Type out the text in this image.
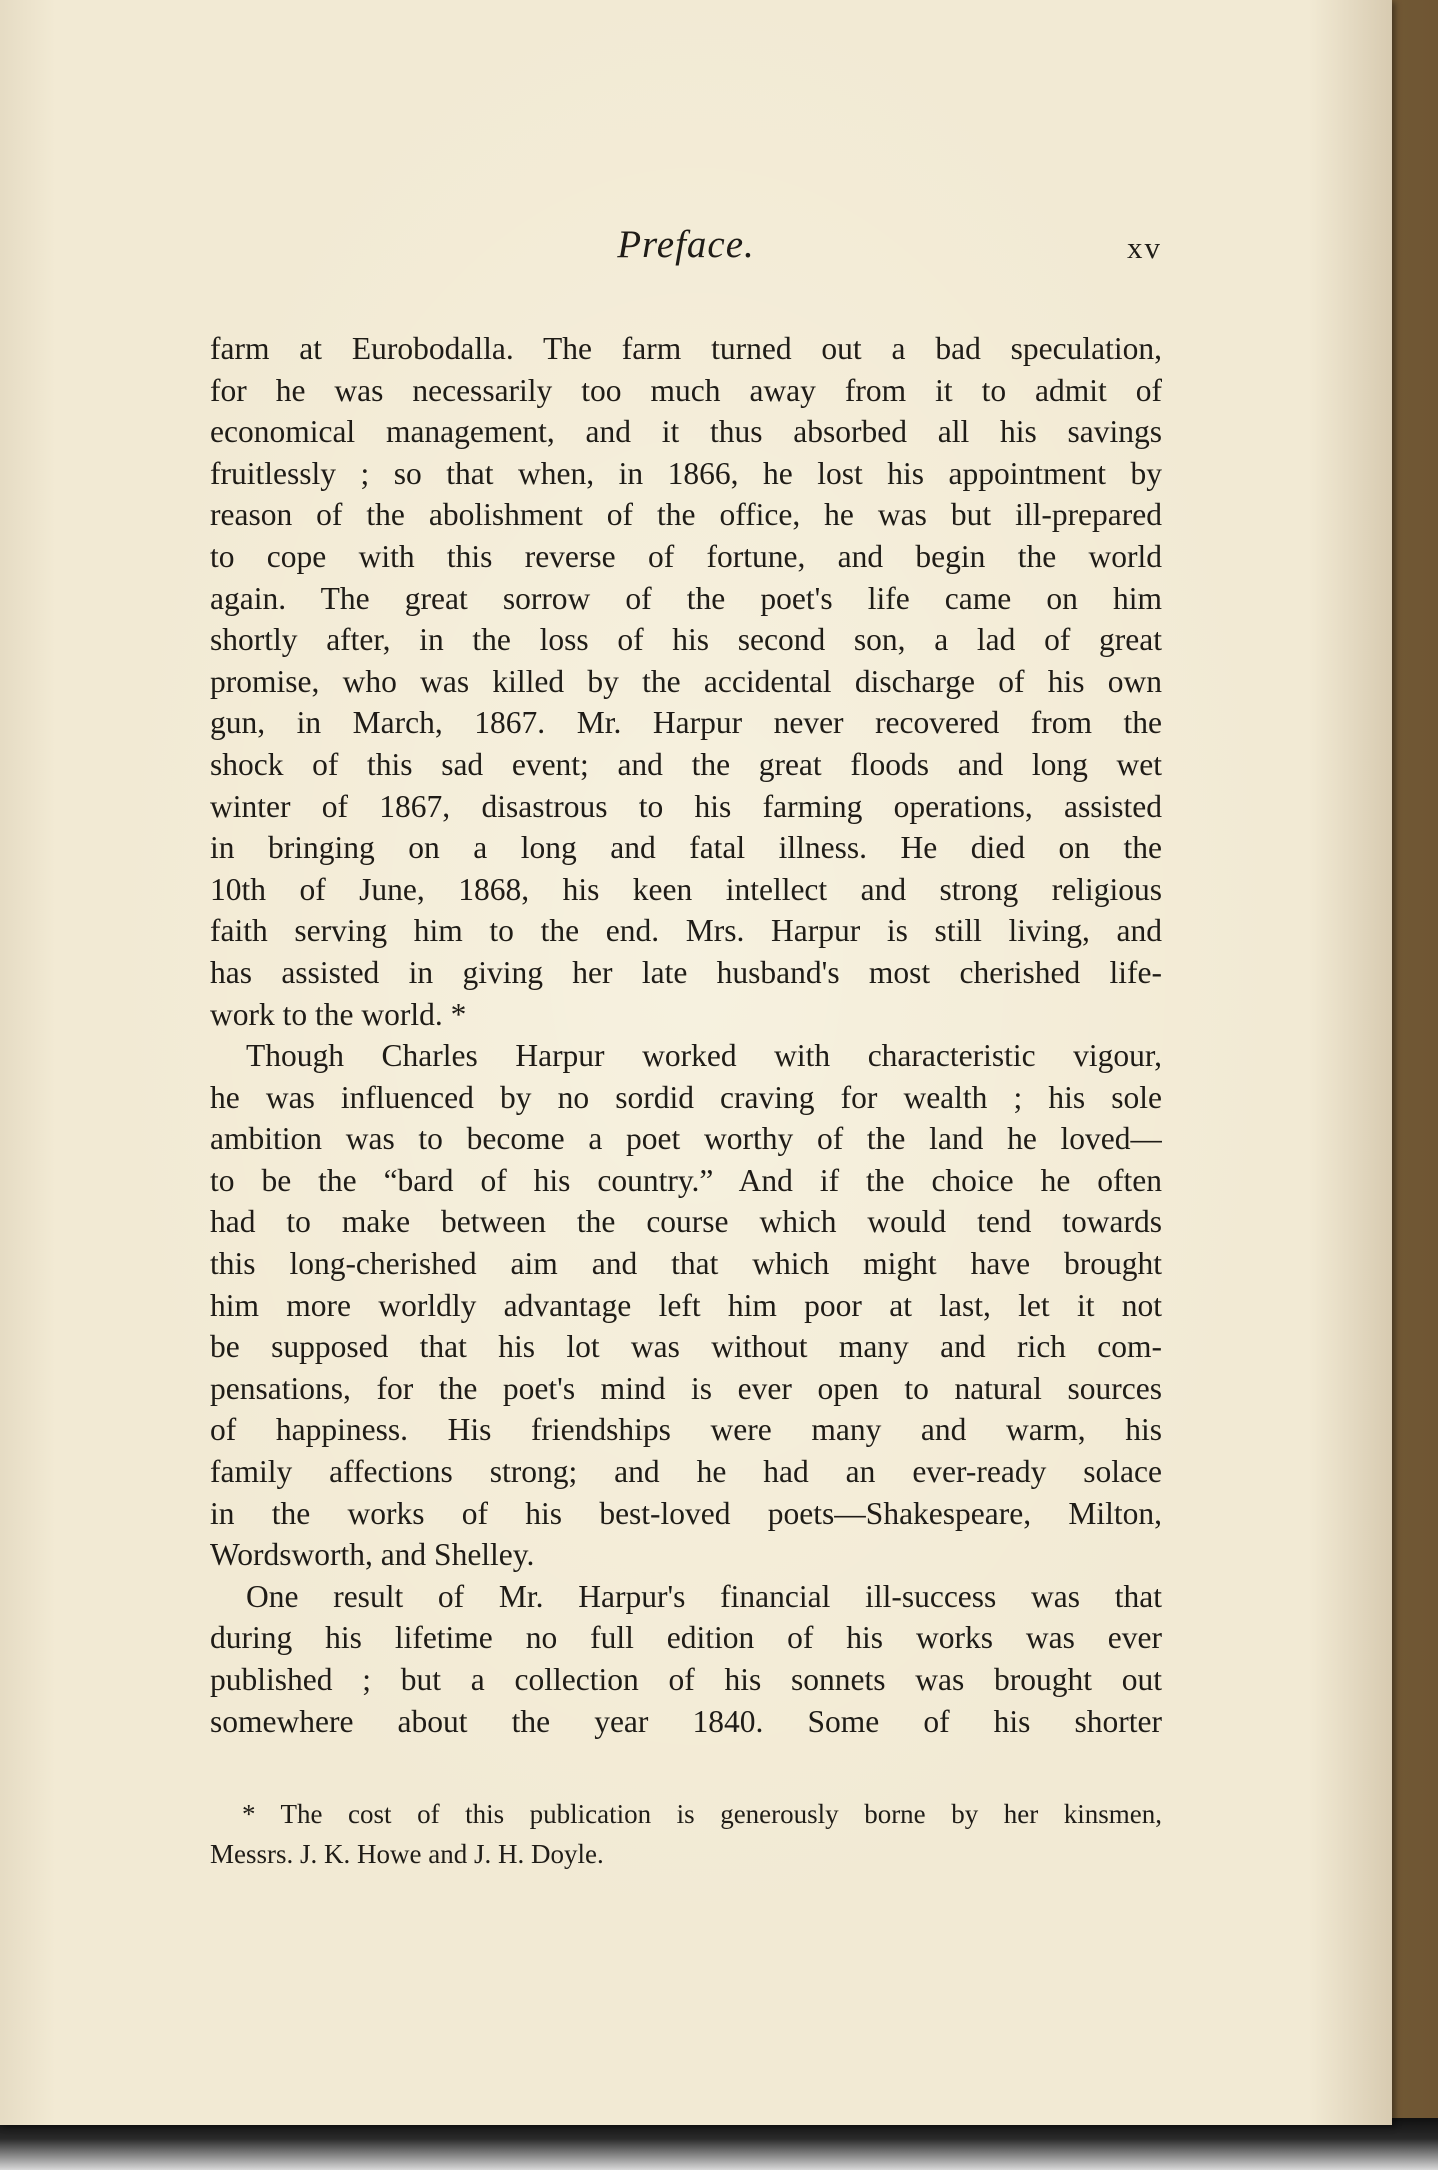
Preface.	xv
farm at Eurobodalla. The farm turned out a bad speculation,
for he was necessarily too much away from it to admit of
economical management, and it thus absorbed all his savings
fruitlessly ; so that when, in 1866, he lost his appointment by
reason of the abolishment of the office, he was but ill-prepared
to cope with this reverse of fortune, and begin the world
again. The great sorrow of the poet's life came on him
shortly after, in the loss of his second son, a lad of great
promise, who was killed by the accidental discharge of his own
gun, in March, 1867. Mr. Harpur never recovered from the
shock of this sad event; and the great floods and long wet
winter of 1867, disastrous to his farming operations, assisted
in bringing on a long and fatal illness. He died on the
10th of June, 1868, his keen intellect and strong religious
faith serving him to the end. Mrs. Harpur is still living, and
has assisted in giving her late husband's most cherished life-
work to the world. *
Though Charles Harpur worked with characteristic vigour,
he was influenced by no sordid craving for wealth ; his sole
ambition was to become a poet worthy of the land he loved—
to be the “bard of his country.” And if the choice he often
had to make between the course which would tend towards
this long-cherished aim and that which might have brought
him more worldly advantage left him poor at last, let it not
be supposed that his lot was without many and rich com-
pensations, for the poet's mind is ever open to natural sources
of happiness. His friendships were many and warm, his
family affections strong; and he had an ever-ready solace
in the works of his best-loved poets—Shakespeare, Milton,
Wordsworth, and Shelley.
One result of Mr. Harpur's financial ill-success was that
during his lifetime no full edition of his works was ever
published ; but a collection of his sonnets was brought out
somewhere about the year 1840. Some of his shorter
* The cost of this publication is generously borne by her kinsmen,
Messrs. J. K. Howe and J. H. Doyle.
